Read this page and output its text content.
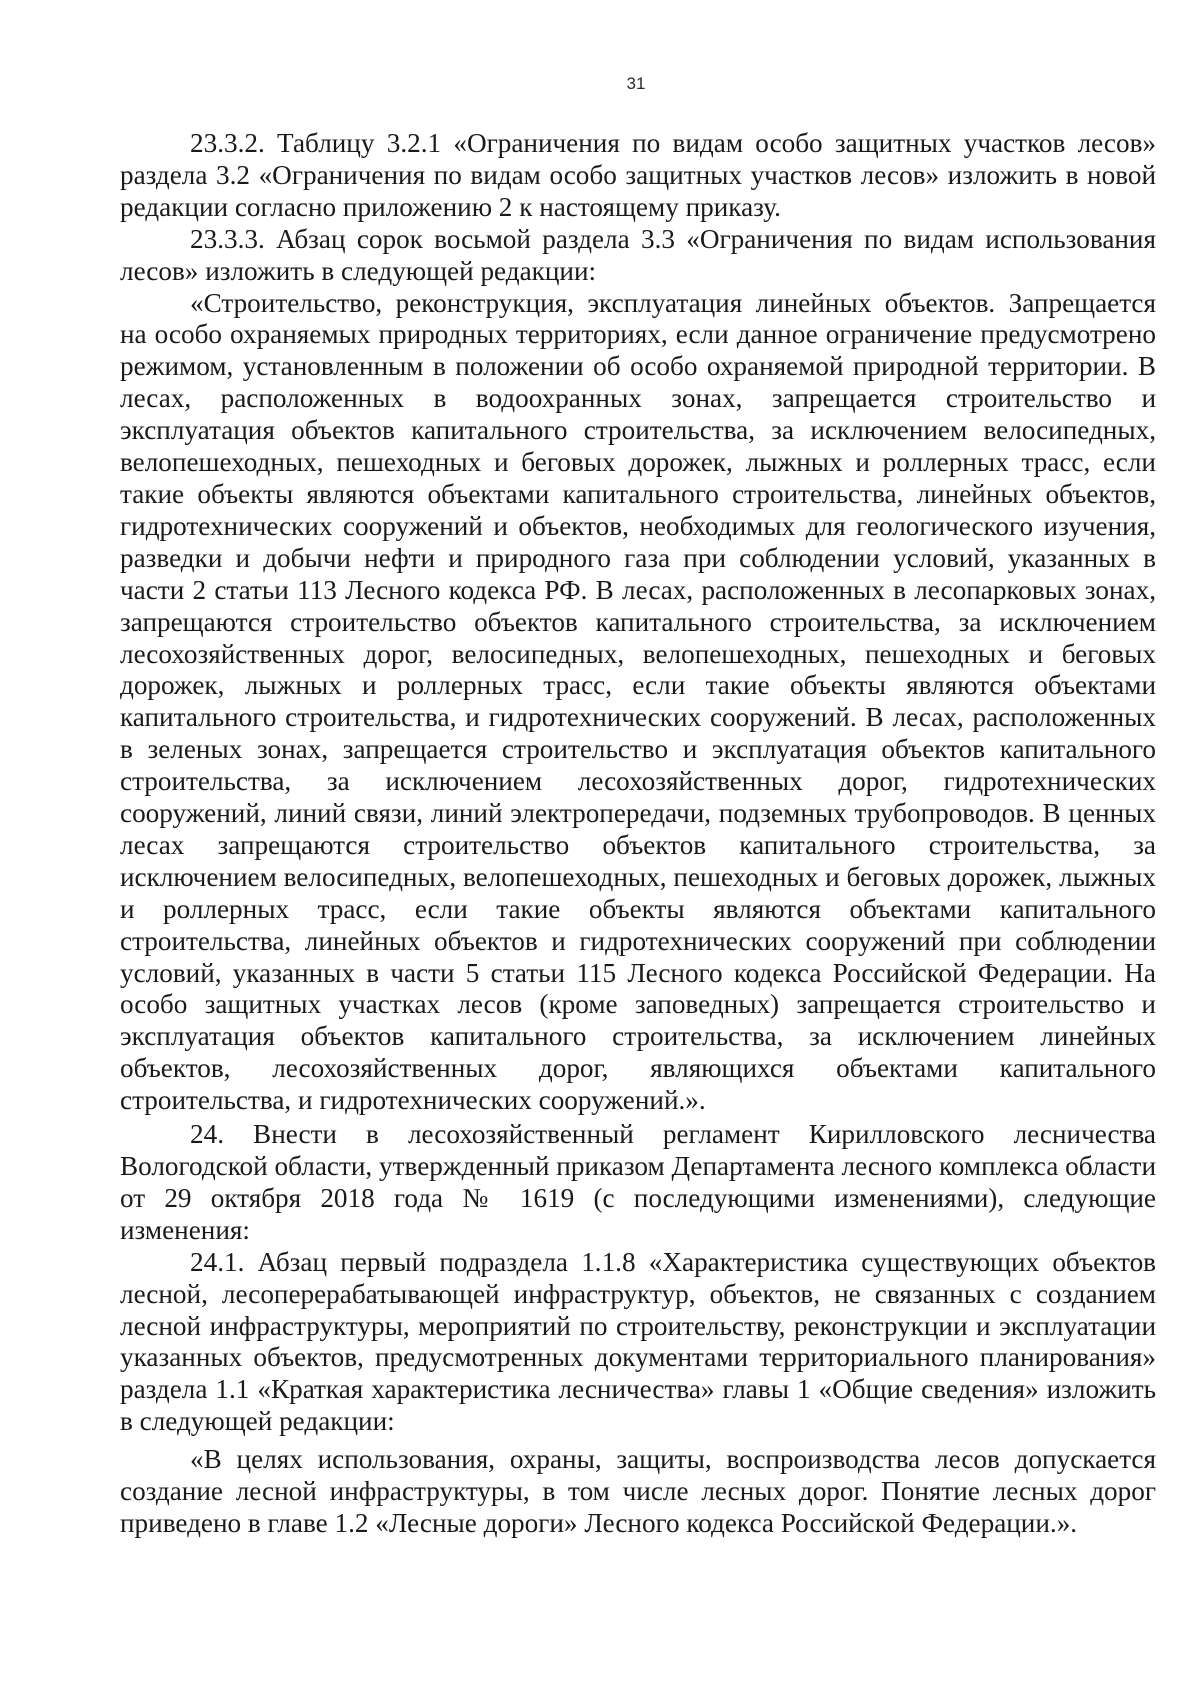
31

23.3.2. Таблицу 3.2.1 «Ограничения по видам особо защитных участков лесов» раздела 3.2 «Ограничения по видам особо защитных участков лесов» изложить в новой редакции согласно приложению 2 к настоящему приказу.

23.3.3. Абзац сорок восьмой раздела 3.3 «Ограничения по видам использования лесов» изложить в следующей редакции:

«Строительство, реконструкция, эксплуатация линейных объектов. Запрещается на особо охраняемых природных территориях, если данное ограничение предусмотрено режимом, установленным в положении об особо охраняемой природной территории. В лесах, расположенных в водоохранных зонах, запрещается строительство и эксплуатация объектов капитального строительства, за исключением велосипедных, велопешеходных, пешеходных и беговых дорожек, лыжных и роллерных трасс, если такие объекты являются объектами капитального строительства, линейных объектов, гидротехнических сооружений и объектов, необходимых для геологического изучения, разведки и добычи нефти и природного газа при соблюдении условий, указанных в части 2 статьи 113 Лесного кодекса РФ. В лесах, расположенных в лесопарковых зонах, запрещаются строительство объектов капитального строительства, за исключением лесохозяйственных дорог, велосипедных, велопешеходных, пешеходных и беговых дорожек, лыжных и роллерных трасс, если такие объекты являются объектами капитального строительства, и гидротехнических сооружений. В лесах, расположенных в зеленых зонах, запрещается строительство и эксплуатация объектов капитального строительства, за исключением лесохозяйственных дорог, гидротехнических сооружений, линий связи, линий электропередачи, подземных трубопроводов. В ценных лесах запрещаются строительство объектов капитального строительства, за исключением велосипедных, велопешеходных, пешеходных и беговых дорожек, лыжных и роллерных трасс, если такие объекты являются объектами капитального строительства, линейных объектов и гидротехнических сооружений при соблюдении условий, указанных в части 5 статьи 115 Лесного кодекса Российской Федерации. На особо защитных участках лесов (кроме заповедных) запрещается строительство и эксплуатация объектов капитального строительства, за исключением линейных объектов, лесохозяйственных дорог, являющихся объектами капитального строительства, и гидротехнических сооружений.».

24. Внести в лесохозяйственный регламент Кирилловского лесничества Вологодской области, утвержденный приказом Департамента лесного комплекса области от 29 октября 2018 года № 1619 (с последующими изменениями), следующие изменения:

24.1. Абзац первый подраздела 1.1.8 «Характеристика существующих объектов лесной, лесоперерабатывающей инфраструктур, объектов, не связанных с созданием лесной инфраструктуры, мероприятий по строительству, реконструкции и эксплуатации указанных объектов, предусмотренных документами территориального планирования» раздела 1.1 «Краткая характеристика лесничества» главы 1 «Общие сведения» изложить в следующей редакции:

«В целях использования, охраны, защиты, воспроизводства лесов допускается создание лесной инфраструктуры, в том числе лесных дорог. Понятие лесных дорог приведено в главе 1.2 «Лесные дороги» Лесного кодекса Российской Федерации.».
